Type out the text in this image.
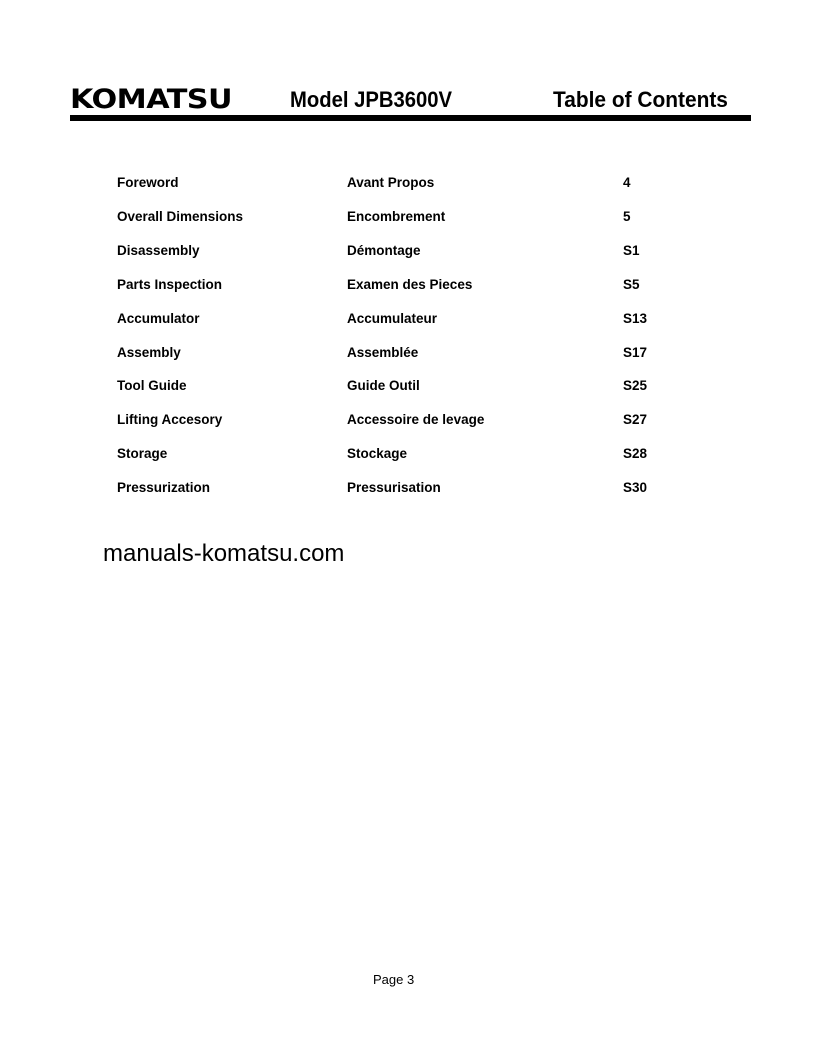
KOMATSU	Model JPB3600V	Table of Contents
Foreword	Avant Propos	4
Overall Dimensions	Encombrement	5
Disassembly	Démontage	S1
Parts Inspection	Examen des Pieces	S5
Accumulator	Accumulateur	S13
Assembly	Assemblée	S17
Tool Guide	Guide Outil	S25
Lifting Accesory	Accessoire de levage	S27
Storage	Stockage	S28
Pressurization	Pressurisation	S30
manuals-komatsu.com
Page 3
